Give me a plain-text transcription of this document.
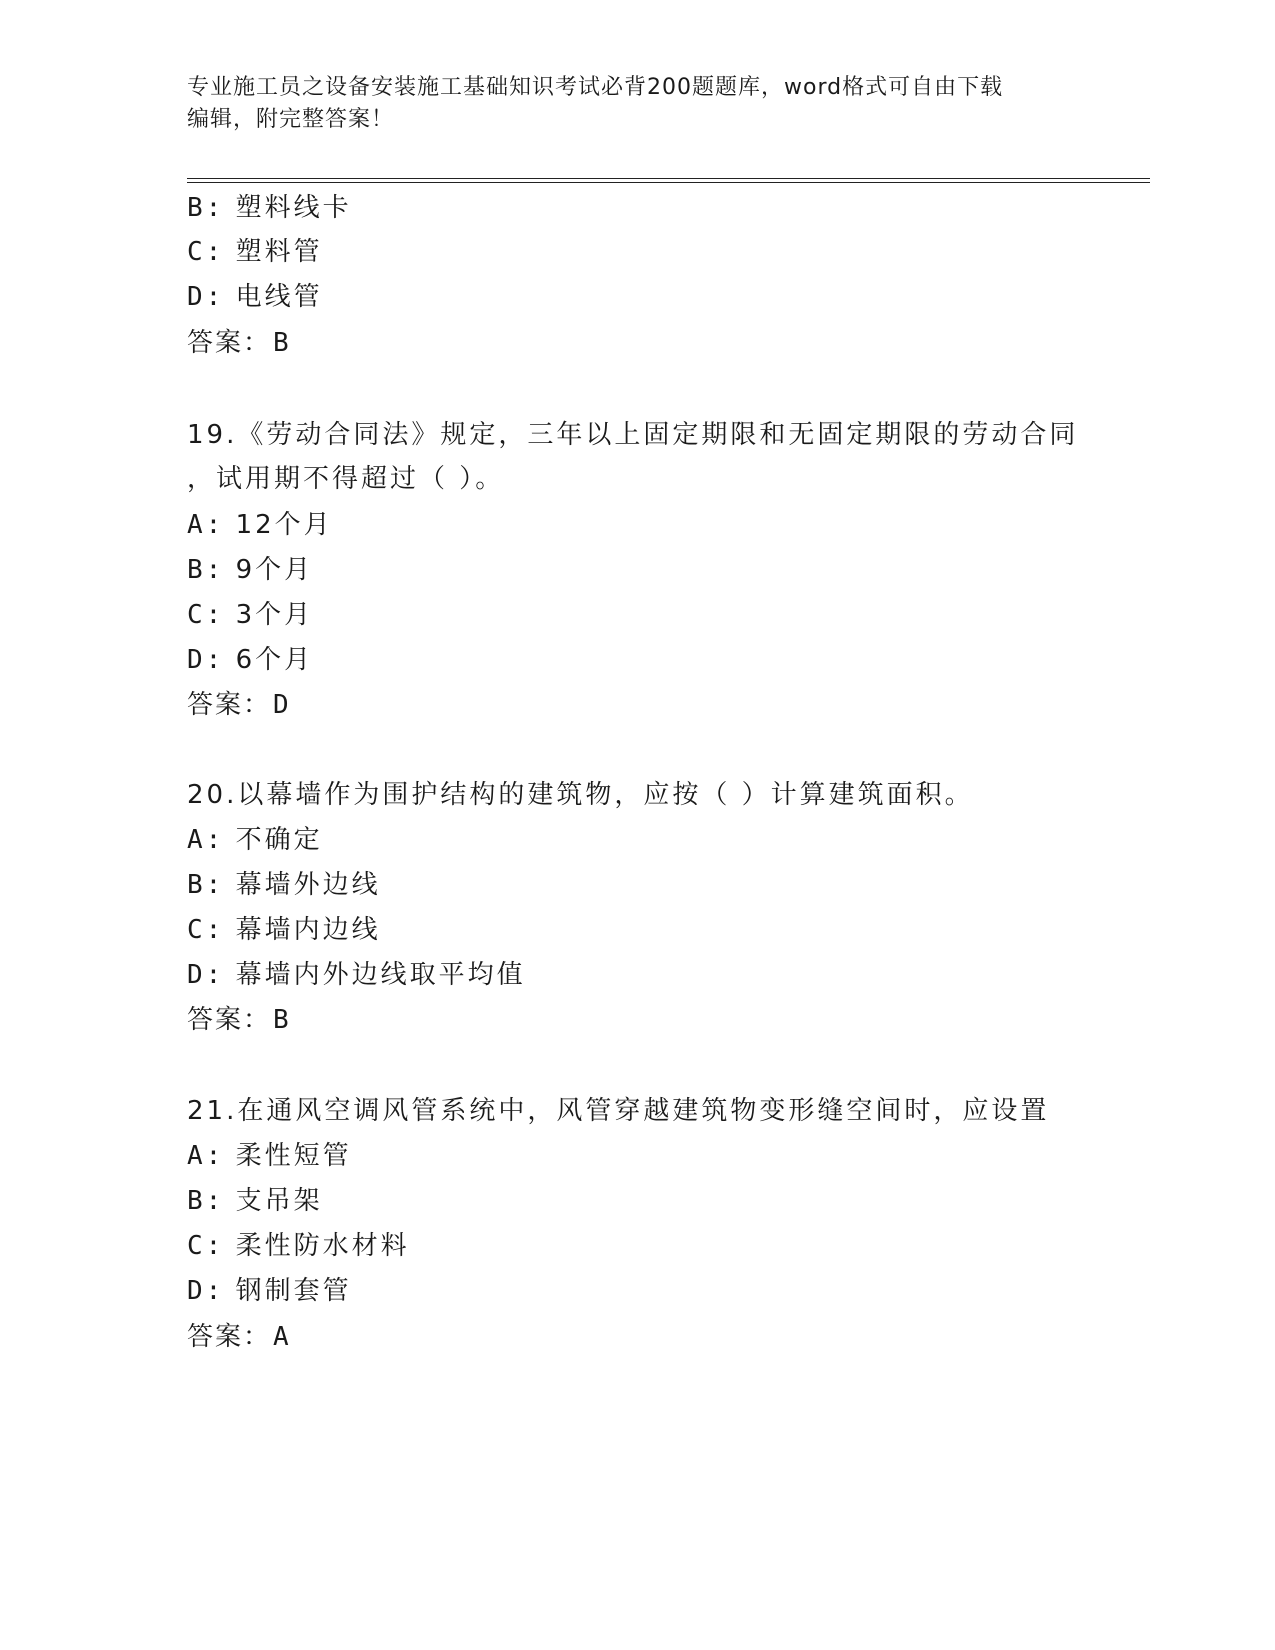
专业施工员之设备安装施工基础知识考试必背200题题库，word格式可自由下载
编辑，附完整答案！
B: 塑料线卡
C: 塑料管
D: 电线管
答案：B
19.《劳动合同法》规定，三年以上固定期限和无固定期限的劳动合同
，试用期不得超过（ ）。
A: 12个月
B: 9个月
C: 3个月
D: 6个月
答案：D
20.以幕墙作为围护结构的建筑物，应按（ ）计算建筑面积。
A: 不确定
B: 幕墙外边线
C: 幕墙内边线
D: 幕墙内外边线取平均值
答案：B
21.在通风空调风管系统中，风管穿越建筑物变形缝空间时，应设置
A: 柔性短管
B: 支吊架
C: 柔性防水材料
D: 钢制套管
答案：A
